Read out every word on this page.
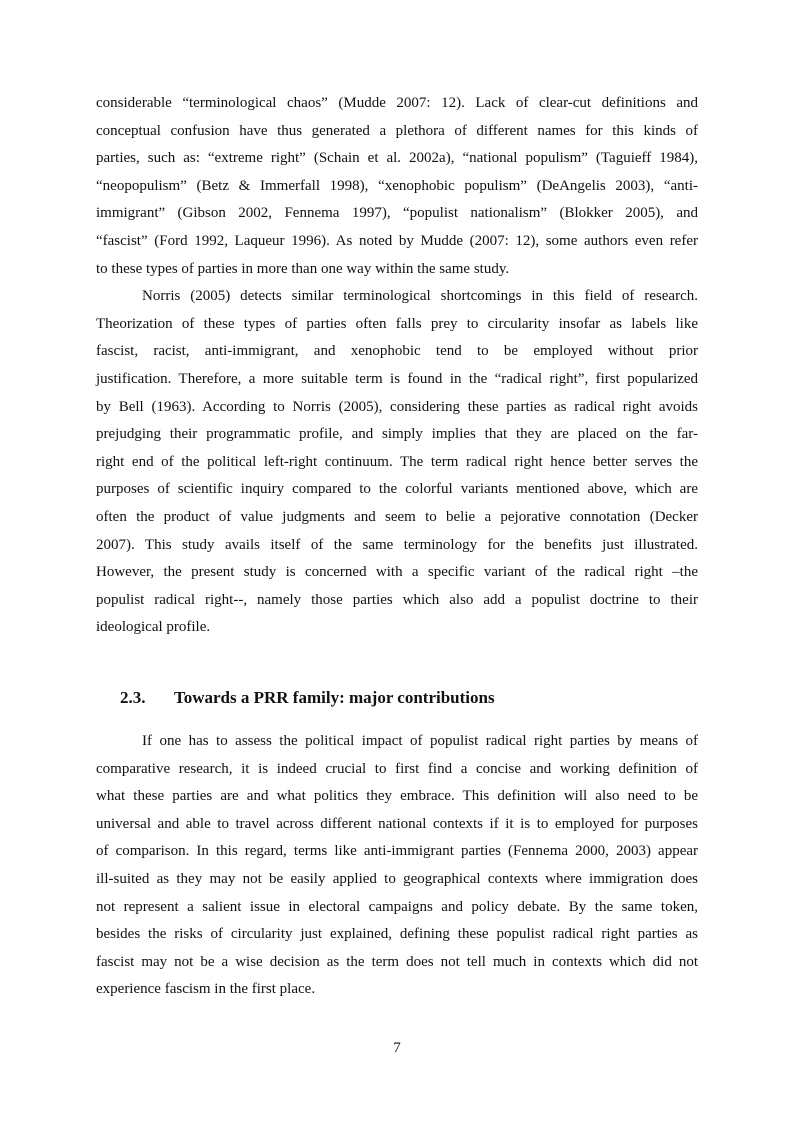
considerable “terminological chaos” (Mudde 2007: 12). Lack of clear-cut definitions and
conceptual confusion have thus generated a plethora of different names for this kinds of
parties, such as: “extreme right” (Schain et al. 2002a), “national populism” (Taguieff 1984),
“neopopulism” (Betz & Immerfall 1998), “xenophobic populism” (DeAngelis 2003), “anti-
immigrant” (Gibson 2002, Fennema 1997), “populist nationalism” (Blokker 2005), and
“fascist” (Ford 1992, Laqueur 1996). As noted by Mudde (2007: 12), some authors even refer
to these types of parties in more than one way within the same study.

Norris (2005) detects similar terminological shortcomings in this field of research.
Theorization of these types of parties often falls prey to circularity insofar as labels like
fascist, racist, anti-immigrant, and xenophobic tend to be employed without prior
justification. Therefore, a more suitable term is found in the “radical right”, first popularized
by Bell (1963). According to Norris (2005), considering these parties as radical right avoids
prejudging their programmatic profile, and simply implies that they are placed on the far-
right end of the political left-right continuum. The term radical right hence better serves the
purposes of scientific inquiry compared to the colorful variants mentioned above, which are
often the product of value judgments and seem to belie a pejorative connotation (Decker
2007). This study avails itself of the same terminology for the benefits just illustrated.
However, the present study is concerned with a specific variant of the radical right –the
populist radical right--, namely those parties which also add a populist doctrine to their
ideological profile.

2.3. Towards a PRR family: major contributions

If one has to assess the political impact of populist radical right parties by means of
comparative research, it is indeed crucial to first find a concise and working definition of
what these parties are and what politics they embrace. This definition will also need to be
universal and able to travel across different national contexts if it is to employed for purposes
of comparison. In this regard, terms like anti-immigrant parties (Fennema 2000, 2003) appear
ill-suited as they may not be easily applied to geographical contexts where immigration does
not represent a salient issue in electoral campaigns and policy debate. By the same token,
besides the risks of circularity just explained, defining these populist radical right parties as
fascist may not be a wise decision as the term does not tell much in contexts which did not
experience fascism in the first place.

7
